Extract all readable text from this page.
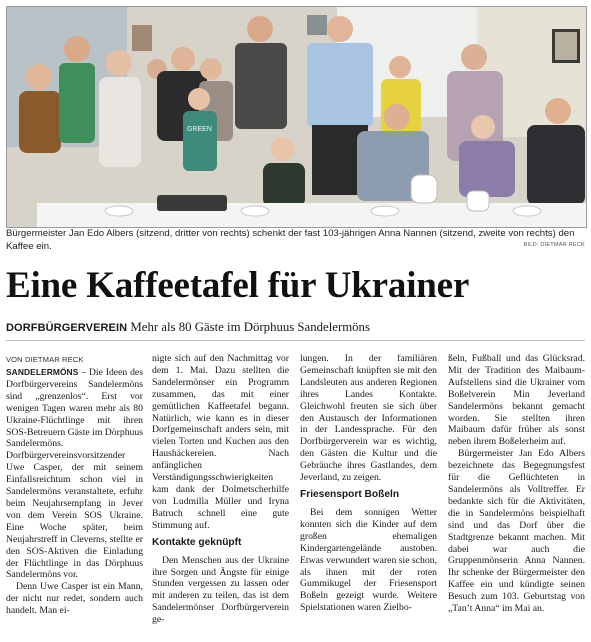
GREEN
Bürgermeister Jan Edo Albers (sitzend, dritter von rechts) schenkt der fast 103-jährigen Anna Nannen (sitzend, zweite von rechts) den Kaffee ein.	BILD: DIETMAR RECK
Eine Kaffeetafel für Ukrainer
DORFBÜRGERVEREIN Mehr als 80 Gäste im Dörphuus Sandelermöns
VON DIETMAR RECK

SANDELERMÖNS – Die Ideen des Dorfbürgervereins Sandelermöns sind „grenzenlos“. Erst vor wenigen Tagen waren mehr als 80 Ukraine-Flüchtlinge mit ihren SOS-Betreuern Gäste im Dörphuus Sandelermöns. Dorfbürgervereinsvorsitzender Uwe Casper, der mit seinem Einfallsreichtum schon viel in Sandelermöns veranstaltete, erfuhr beim Neujahrsempfang in Jever von dem Verein SOS Ukraine. Eine Woche später, beim Neujahrstreff in Cleverns, stellte er den SOS-Aktiven die Einladung der Flüchtlinge in das Dörphuus Sandelermöns vor.

Denn Uwe Casper ist ein Mann, der nicht nur redet, sondern auch handelt. Man ei-

nigte sich auf den Nachmittag vor dem 1. Mai. Dazu stellten die Sandelermönser ein Programm zusammen, das mit einer gemütlichen Kaffeetafel begann. Natürlich, wie kann es in dieser Dorfgemeinschaft anders sein, mit vielen Torten und Kuchen aus den Haushäckereien. Nach anfänglichen Verständigungsschwierigkeiten kam dank der Dolmetscherhilfe von Ludmilla Müller und Iryna Batruch schnell eine gute Stimmung auf.

Kontakte geknüpft

Den Menschen aus der Ukraine ihre Sorgen und Ängste für einige Stunden vergessen zu lassen oder mit anderen zu teilen, das ist dem Sandelermönser Dorfbürgerverein ge-

lungen. In der familiären Gemeinschaft knüpften sie mit den Landsleuten aus anderen Regionen ihres Landes Kontakte. Gleichwohl freuten sie sich über den Austausch der Informationen in der Landessprache. Für den Dorfbürgerverein war es wichtig, den Gästen die Kultur und die Gebräuche ihres Gastlandes, dem Jeverland, zu zeigen.

Friesensport Boßeln

Bei dem sonnigen Wetter konnten sich die Kinder auf dem großen ehemaligen Kindergartengelände austoben. Etwas verwundert waren sie schon, als ihnen mit der roten Gummikugel der Friesensport Boßeln gezeigt wurde. Weitere Spielstationen waren Zielbo-

ßeln, Fußball und das Glücksrad. Mit der Tradition des Maibaum-Aufstellens sind die Ukrainer vom Boßelverein Min Jeverland Sandelermöns bekannt gemacht worden. Sie stellten ihren Maibaum dafür früher als sonst neben ihrem Boßelerheim auf.

Bürgermeister Jan Edo Albers bezeichnete das Begegnungsfest für die Geflüchteten in Sandelermöns als Volltreffer. Er bedankte sich für die Aktivitäten, die in Sandelermöns beispielhaft sind und das Dorf über die Stadtgrenze bekannt machen. Mit dabei war auch die Gruppenmönserin Anna Nannen. Ihr schenke der Bürgermeister den Kaffee ein und kündigte seinen Besuch zum 103. Geburtstag von „Tan’t Anna“ im Mai an.
